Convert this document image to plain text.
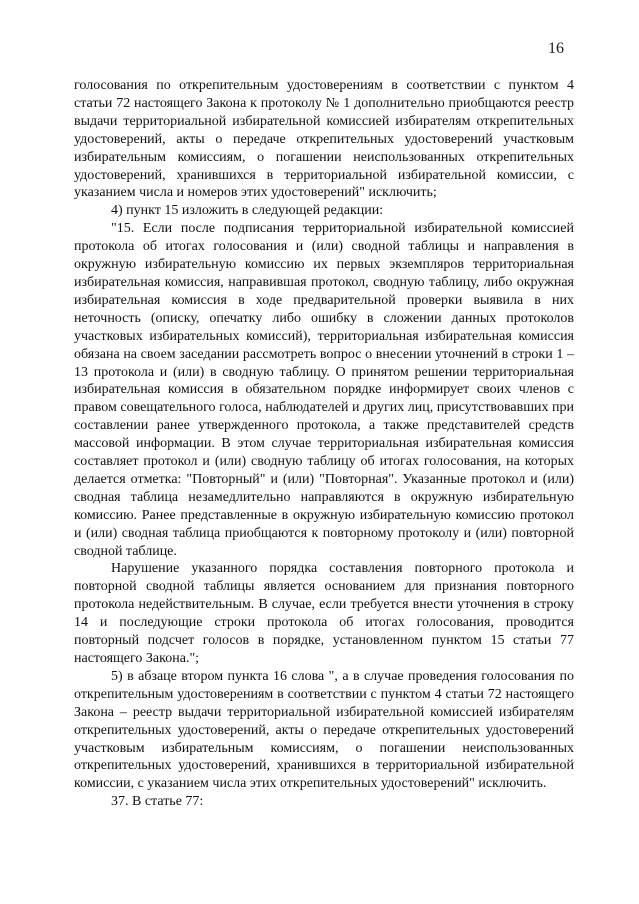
16

голосования по открепительным удостоверениям в соответствии с пунктом 4 статьи 72 настоящего Закона к протоколу № 1 дополнительно приобщаются реестр выдачи территориальной избирательной комиссией избирателям открепительных удостоверений, акты о передаче открепительных удостоверений участковым избирательным комиссиям, о погашении неиспользованных открепительных удостоверений, хранившихся в территориальной избирательной комиссии, с указанием числа и номеров этих удостоверений" исключить;

4) пункт 15 изложить в следующей редакции:

"15. Если после подписания территориальной избирательной комиссией протокола об итогах голосования и (или) сводной таблицы и направления в окружную избирательную комиссию их первых экземпляров территориальная избирательная комиссия, направившая протокол, сводную таблицу, либо окружная избирательная комиссия в ходе предварительной проверки выявила в них неточность (описку, опечатку либо ошибку в сложении данных протоколов участковых избирательных комиссий), территориальная избирательная комиссия обязана на своем заседании рассмотреть вопрос о внесении уточнений в строки 1 – 13 протокола и (или) в сводную таблицу. О принятом решении территориальная избирательная комиссия в обязательном порядке информирует своих членов с правом совещательного голоса, наблюдателей и других лиц, присутствовавших при составлении ранее утвержденного протокола, а также представителей средств массовой информации. В этом случае территориальная избирательная комиссия составляет протокол и (или) сводную таблицу об итогах голосования, на которых делается отметка: "Повторный" и (или) "Повторная". Указанные протокол и (или) сводная таблица незамедлительно направляются в окружную избирательную комиссию. Ранее представленные в окружную избирательную комиссию протокол и (или) сводная таблица приобщаются к повторному протоколу и (или) повторной сводной таблице.

Нарушение указанного порядка составления повторного протокола и повторной сводной таблицы является основанием для признания повторного протокола недействительным. В случае, если требуется внести уточнения в строку 14 и последующие строки протокола об итогах голосования, проводится повторный подсчет голосов в порядке, установленном пунктом 15 статьи 77 настоящего Закона.";

5) в абзаце втором пункта 16 слова ", а в случае проведения голосования по открепительным удостоверениям в соответствии с пунктом 4 статьи 72 настоящего Закона – реестр выдачи территориальной избирательной комиссией избирателям открепительных удостоверений, акты о передаче открепительных удостоверений участковым избирательным комиссиям, о погашении неиспользованных открепительных удостоверений, хранившихся в территориальной избирательной комиссии, с указанием числа этих открепительных удостоверений" исключить.

37. В статье 77:
